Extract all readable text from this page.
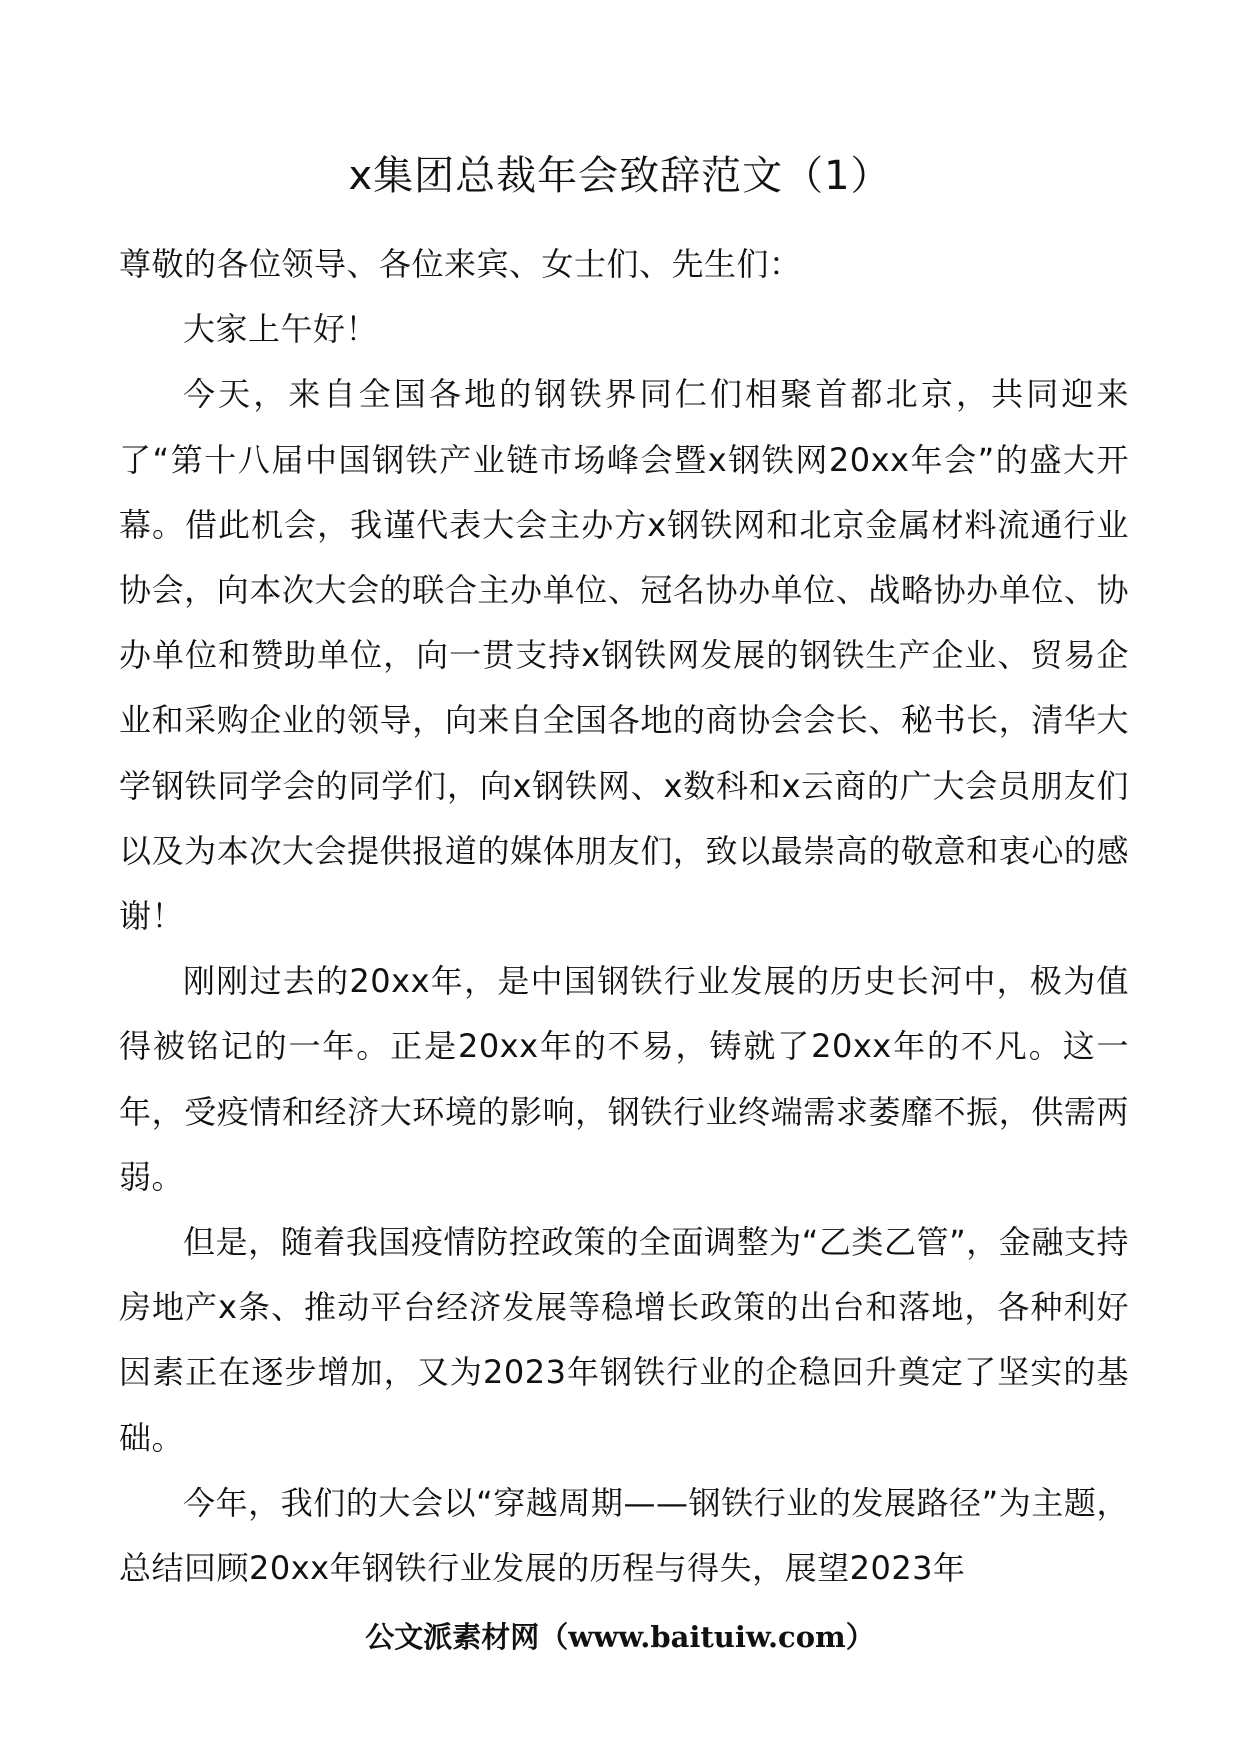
x集团总裁年会致辞范文（1）

尊敬的各位领导、各位来宾、女士们、先生们：

大家上午好！

今天，来自全国各地的钢铁界同仁们相聚首都北京，共同迎来了“第十八届中国钢铁产业链市场峰会暨x钢铁网20xx年会”的盛大开幕。借此机会，我谨代表大会主办方x钢铁网和北京金属材料流通行业协会，向本次大会的联合主办单位、冠名协办单位、战略协办单位、协办单位和赞助单位，向一贯支持x钢铁网发展的钢铁生产企业、贸易企业和采购企业的领导，向来自全国各地的商协会会长、秘书长，清华大学钢铁同学会的同学们，向x钢铁网、x数科和x云商的广大会员朋友们以及为本次大会提供报道的媒体朋友们，致以最崇高的敬意和衷心的感谢！

刚刚过去的20xx年，是中国钢铁行业发展的历史长河中，极为值得被铭记的一年。正是20xx年的不易，铸就了20xx年的不凡。这一年，受疫情和经济大环境的影响，钢铁行业终端需求萎靡不振，供需两弱。

但是，随着我国疫情防控政策的全面调整为“乙类乙管”，金融支持房地产x条、推动平台经济发展等稳增长政策的出台和落地，各种利好因素正在逐步增加，又为2023年钢铁行业的企稳回升奠定了坚实的基础。

今年，我们的大会以“穿越周期——钢铁行业的发展路径”为主题，总结回顾20xx年钢铁行业发展的历程与得失，展望2023年

公文派素材网（www.baituiw.com）
